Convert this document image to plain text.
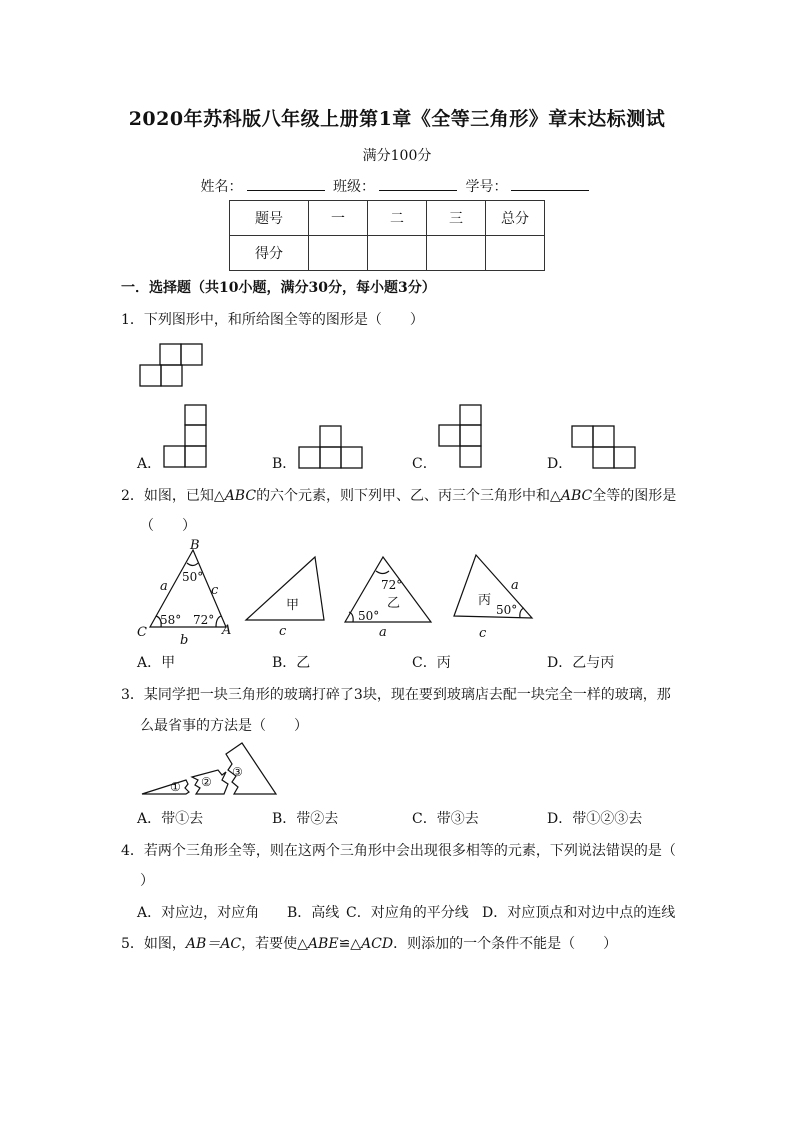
2020年苏科版八年级上册第1章《全等三角形》章末达标测试
满分100分
姓名：	班级：	学号：
题号	一	二	三	总分
得分				
一．选择题（共10小题，满分30分，每小题3分）
1．下列图形中，和所给图全等的图形是（　　）
A．	B．	C．	D．
2．如图，已知△ABC的六个元素，则下列甲、乙、丙三个三角形中和△ABC全等的图形是
（　　）
B
A
C
a
b
c
50°
58° 72°
甲
c
72°
乙
50°
a
丙
a
50°
c
A．甲	B．乙	C．丙	D．乙与丙
3．某同学把一块三角形的玻璃打碎了3块，现在要到玻璃店去配一块完全一样的玻璃，那
么最省事的方法是（　　）
① ②
③
A．带①去	B．带②去	C．带③去	D．带①②③去
4．若两个三角形全等，则在这两个三角形中会出现很多相等的元素，下列说法错误的是（
）
A．对应边，对应角 B．高线 C．对应角的平分线 D．对应顶点和对边中点的连线
5．如图，AB＝AC，若要使△ABE≌△ACD．则添加的一个条件不能是（　　）
